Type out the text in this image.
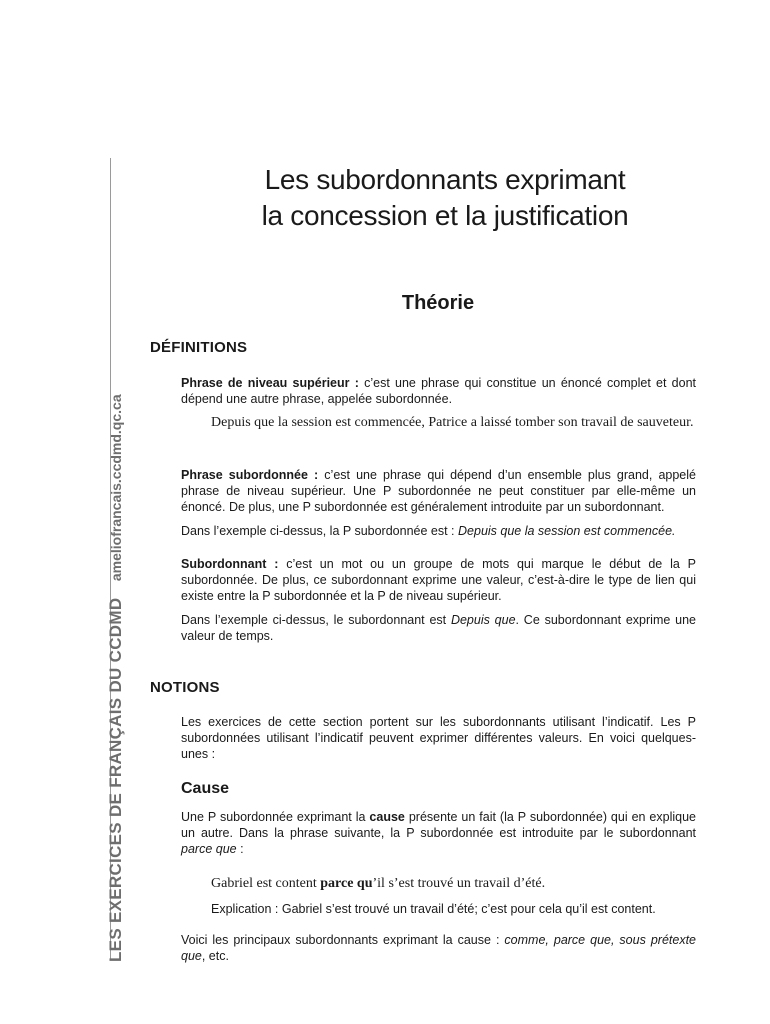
LES EXERCICES DE FRANÇAIS DU CCDMD ameliofrancais.ccdmd.qc.ca
Les subordonnants exprimant
la concession et la justification
Théorie
DÉFINITIONS

Phrase de niveau supérieur : c’est une phrase qui constitue un énoncé complet et dont dépend une autre phrase, appelée subordonnée.

Depuis que la session est commencée, Patrice a laissé tomber son travail de sauveteur.

Phrase subordonnée : c’est une phrase qui dépend d’un ensemble plus grand, appelé phrase de niveau supérieur. Une P subordonnée ne peut constituer par elle-même un énoncé. De plus, une P subordonnée est généralement introduite par un subordonnant.

Dans l’exemple ci-dessus, la P subordonnée est : Depuis que la session est commencée.

Subordonnant : c’est un mot ou un groupe de mots qui marque le début de la P subordonnée. De plus, ce subordonnant exprime une valeur, c’est-à-dire le type de lien qui existe entre la P subordonnée et la P de niveau supérieur.

Dans l’exemple ci-dessus, le subordonnant est Depuis que. Ce subordonnant exprime une valeur de temps.

NOTIONS

Les exercices de cette section portent sur les subordonnants utilisant l’indicatif. Les P subordonnées utilisant l’indicatif peuvent exprimer différentes valeurs. En voici quelques-unes :

Cause

Une P subordonnée exprimant la cause présente un fait (la P subordonnée) qui en explique un autre. Dans la phrase suivante, la P subordonnée est introduite par le subordonnant parce que :

Gabriel est content parce qu’il s’est trouvé un travail d’été.

Explication : Gabriel s’est trouvé un travail d’été; c’est pour cela qu’il est content.

Voici les principaux subordonnants exprimant la cause : comme, parce que, sous prétexte que, etc.
